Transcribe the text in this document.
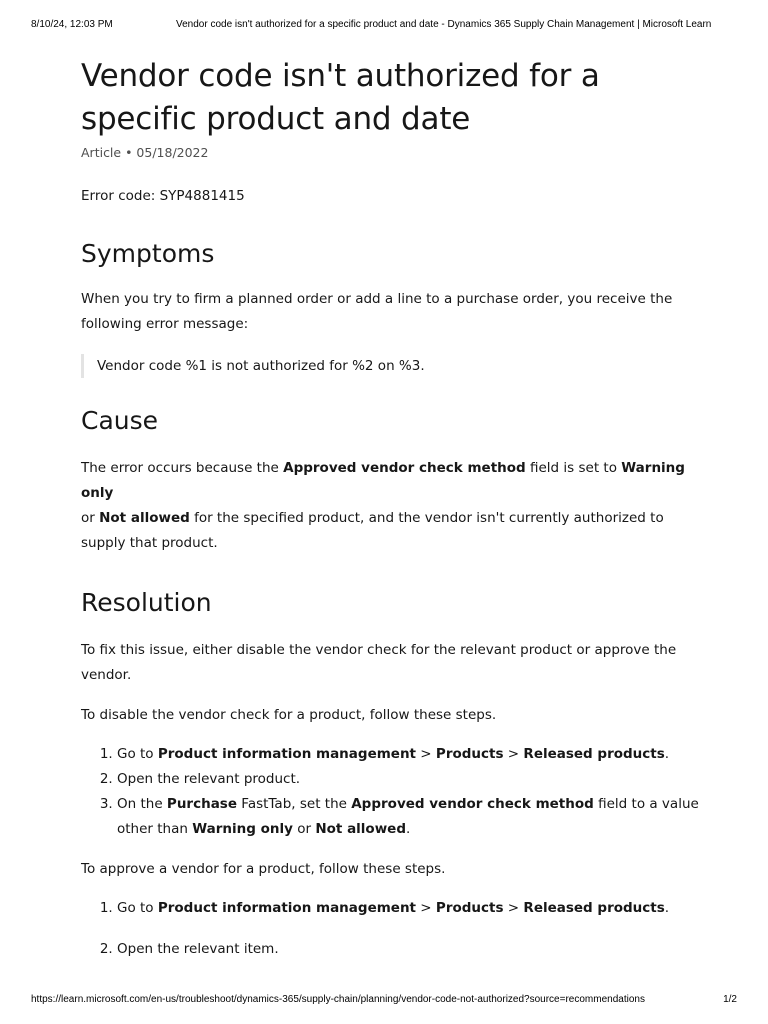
8/10/24, 12:03 PM	Vendor code isn't authorized for a specific product and date - Dynamics 365 Supply Chain Management | Microsoft Learn
Vendor code isn't authorized for a specific product and date
Article • 05/18/2022

Error code: SYP4881415

Symptoms

When you try to firm a planned order or add a line to a purchase order, you receive the following error message:

Vendor code %1 is not authorized for %2 on %3.
Cause

The error occurs because the Approved vendor check method field is set to Warning only
or Not allowed for the specified product, and the vendor isn't currently authorized to supply that product.

Resolution

To fix this issue, either disable the vendor check for the relevant product or approve the vendor.

To disable the vendor check for a product, follow these steps.

1. Go to Product information management > Products > Released products.
2. Open the relevant product.
3. On the Purchase FastTab, set the Approved vendor check method field to a value other than Warning only or Not allowed.

To approve a vendor for a product, follow these steps.

1. Go to Product information management > Products > Released products.
2. Open the relevant item.
https://learn.microsoft.com/en-us/troubleshoot/dynamics-365/supply-chain/planning/vendor-code-not-authorized?source=recommendations	1/2
